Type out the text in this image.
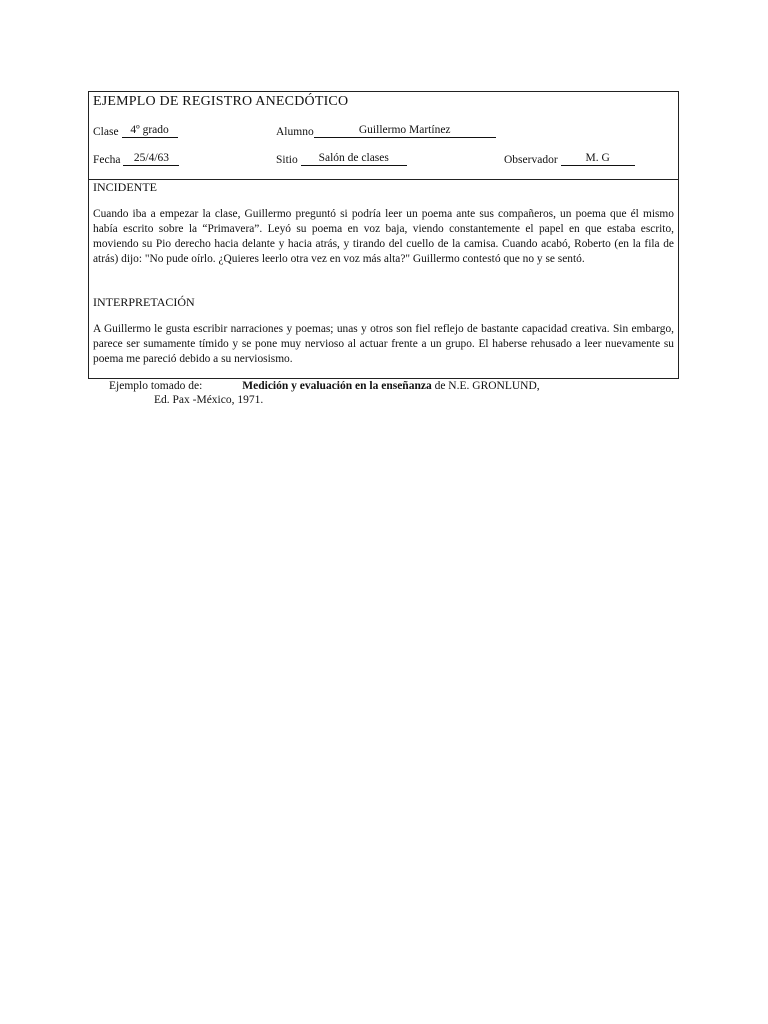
EJEMPLO DE REGISTRO ANECDÓTICO
Clase 4º grado	Alumno	Guillermo Martínez
Fecha 25/4/63	Sitio Salón de clases	Observador M. G
INCIDENTE
Cuando iba a empezar la clase, Guillermo preguntó si podría leer un poema ante sus compañeros, un poema que él mismo había escrito sobre la “Primavera”. Leyó su poema en voz baja, viendo constantemente el papel en que estaba escrito, moviendo su Pio derecho hacia delante y hacia atrás, y tirando del cuello de la camisa. Cuando acabó, Roberto (en la fila de atrás) dijo: "No pude oírlo. ¿Quieres leerlo otra vez en voz más alta?" Guillermo contestó que no y se sentó.
INTERPRETACIÓN
A Guillermo le gusta escribir narraciones y poemas; unas y otros son fiel reflejo de bastante capacidad creativa. Sin embargo, parece ser sumamente tímido y se pone muy nervioso al actuar frente a un grupo. El haberse rehusado a leer nuevamente su poema me pareció debido a su nerviosismo.
Ejemplo tomado de:	Medición y evaluación en la enseñanza de N.E. GRONLUND,
Ed. Pax -México, 1971.
